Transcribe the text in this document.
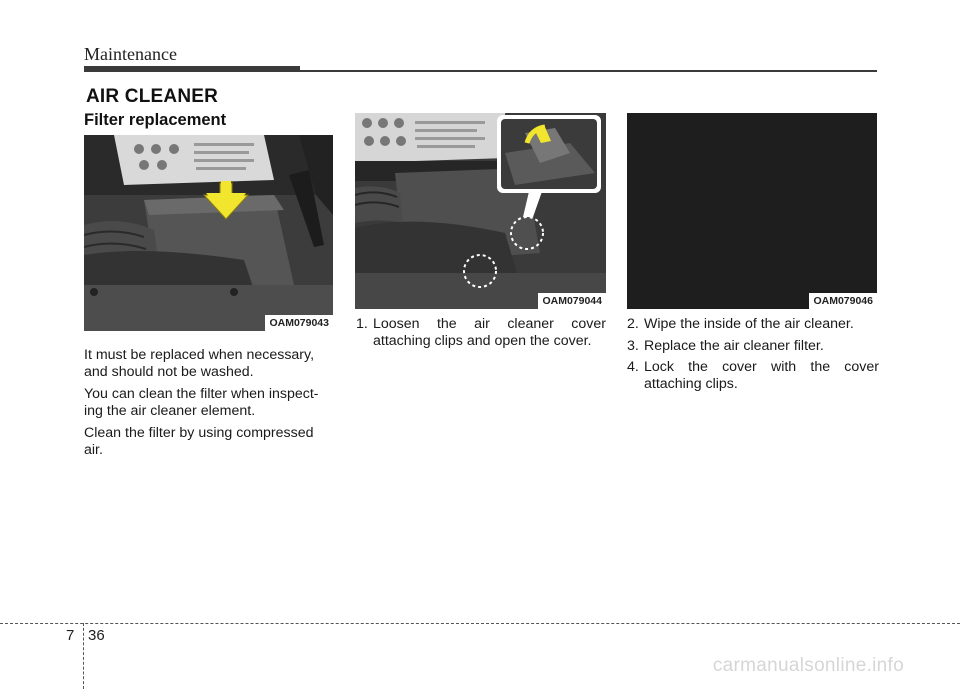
Maintenance
AIR CLEANER
Filter replacement
OAM079043
OAM079044	OAM079046

It must be replaced when necessary, and should not be washed.

You can clean the filter when inspect-ing the air cleaner element.

Clean the filter by using compressed air.

1. Loosen the air cleaner cover attaching clips and open the cover.
2. Wipe the inside of the air cleaner.
3. Replace the air cleaner filter.
4. Lock the cover with the cover attaching clips.
7 36
carmanualsonline.info
